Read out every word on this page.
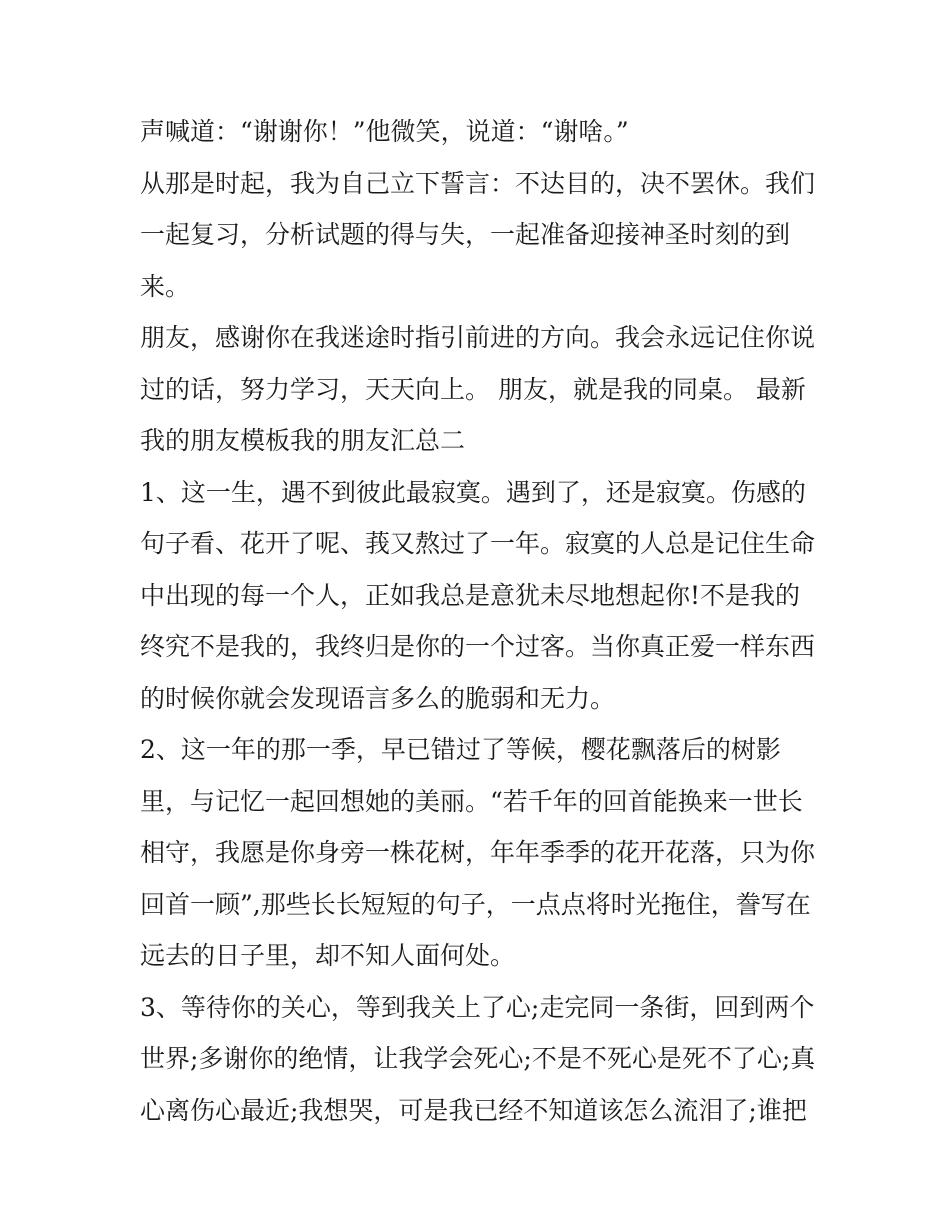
声喊道：“谢谢你！”他微笑，说道：“谢啥。”
从那是时起，我为自己立下誓言：不达目的，决不罢休。我们
一起复习，分析试题的得与失，一起准备迎接神圣时刻的到
来。
朋友，感谢你在我迷途时指引前进的方向。我会永远记住你说
过的话，努力学习，天天向上。 朋友，就是我的同桌。 最新
我的朋友模板我的朋友汇总二
1、这一生，遇不到彼此最寂寞。遇到了，还是寂寞。伤感的
句子看、花开了呢、莪又熬过了一年。寂寞的人总是记住生命
中出现的每一个人，正如我总是意犹未尽地想起你!不是我的
终究不是我的，我终归是你的一个过客。当你真正爱一样东西
的时候你就会发现语言多么的脆弱和无力。
2、这一年的那一季，早已错过了等候，樱花飘落后的树影
里，与记忆一起回想她的美丽。“若千年的回首能换来一世长
相守，我愿是你身旁一株花树，年年季季的花开花落，只为你
回首一顾”,那些长长短短的句子，一点点将时光拖住，誊写在
远去的日子里，却不知人面何处。
3、等待你的关心，等到我关上了心;走完同一条街，回到两个
世界;多谢你的绝情，让我学会死心;不是不死心是死不了心;真
心离伤心最近;我想哭，可是我已经不知道该怎么流泪了;谁把
